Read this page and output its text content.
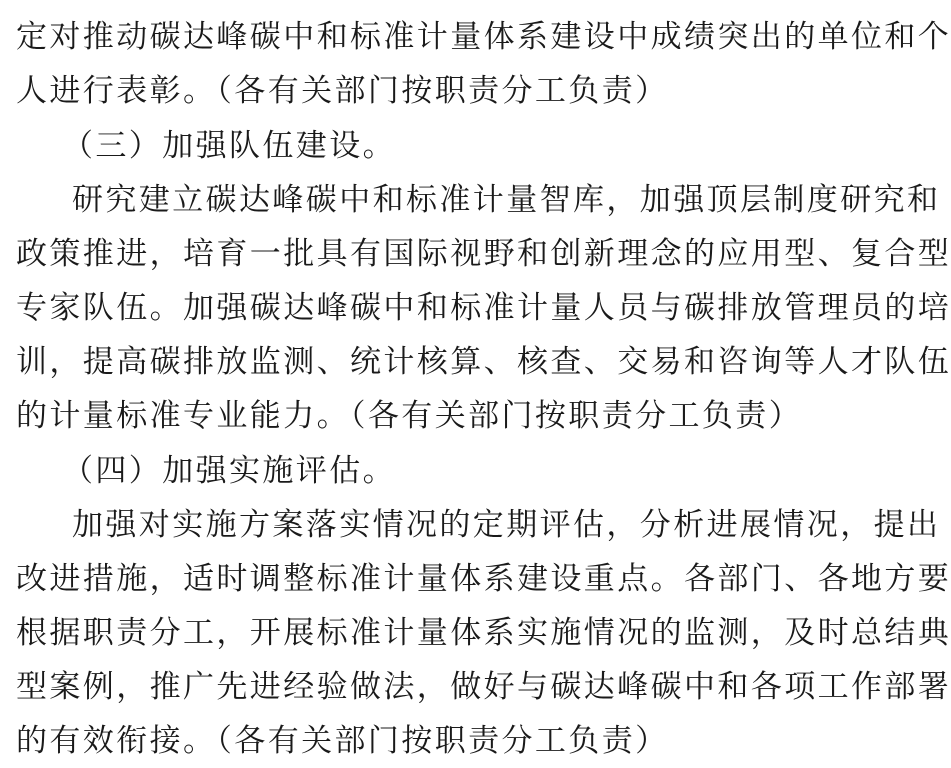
定对推动碳达峰碳中和标准计量体系建设中成绩突出的单位和个
人进行表彰。（各有关部门按职责分工负责）
（三）加强队伍建设。
研究建立碳达峰碳中和标准计量智库，加强顶层制度研究和
政策推进，培育一批具有国际视野和创新理念的应用型、复合型
专家队伍。加强碳达峰碳中和标准计量人员与碳排放管理员的培
训，提高碳排放监测、统计核算、核查、交易和咨询等人才队伍
的计量标准专业能力。（各有关部门按职责分工负责）
（四）加强实施评估。
加强对实施方案落实情况的定期评估，分析进展情况，提出
改进措施，适时调整标准计量体系建设重点。各部门、各地方要
根据职责分工，开展标准计量体系实施情况的监测，及时总结典
型案例，推广先进经验做法，做好与碳达峰碳中和各项工作部署
的有效衔接。（各有关部门按职责分工负责）
